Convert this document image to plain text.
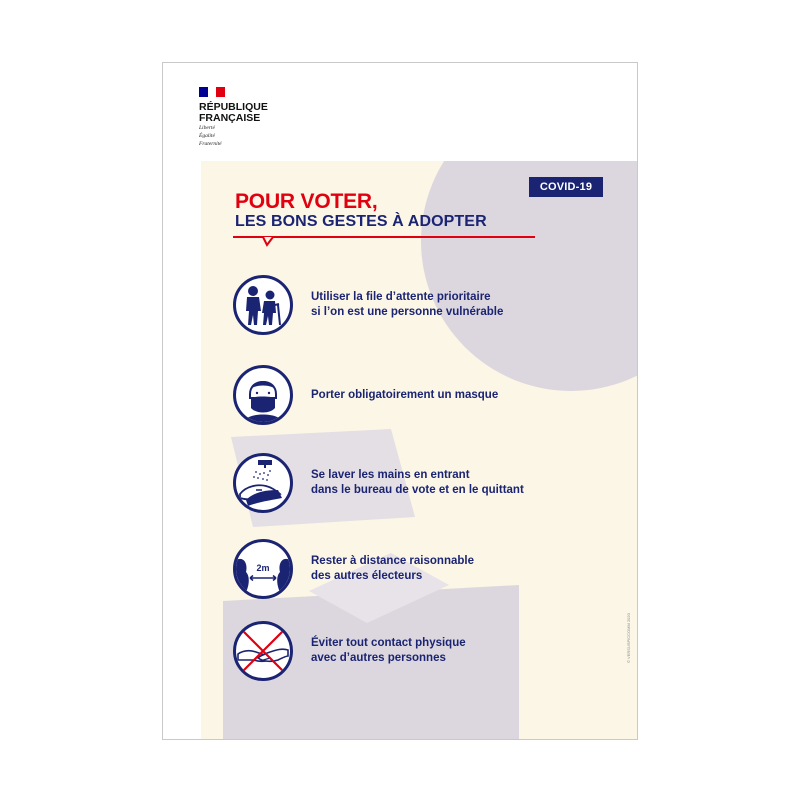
RÉPUBLIQUE
FRANÇAISE
Liberté
Égalité
Fraternité
COVID-19
POUR VOTER,
LES BONS GESTES À ADOPTER
Utiliser la file d’attente prioritaire
si l’on est une personne vulnérable
Porter obligatoirement un masque
Se laver les mains en entrant
dans le bureau de vote et en le quittant
2m
Rester à distance raisonnable
des autres électeurs
Éviter tout contact physique
avec d’autres personnes	© VERSUSPICCOMM 2020
